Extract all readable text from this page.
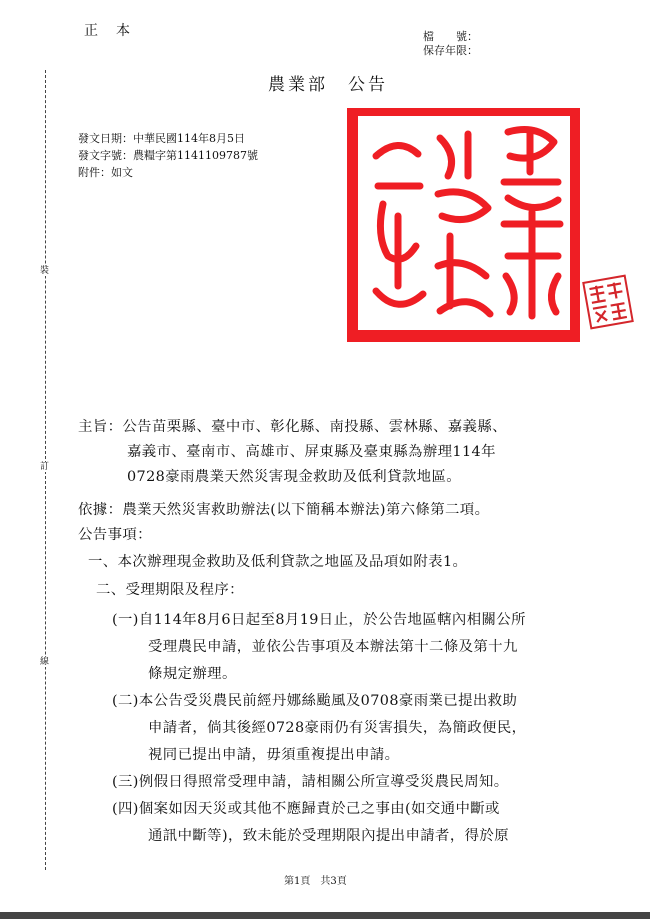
正　本	檔　　號：
保存年限：
裝
訂
線
農業部　公告
發文日期：中華民國114年8月5日
發文字號：農糧字第1141109787號
附件：如文
主旨：公告苗栗縣、臺中市、彰化縣、南投縣、雲林縣、嘉義縣、
嘉義市、臺南市、高雄市、屏東縣及臺東縣為辦理114年
0728豪雨農業天然災害現金救助及低利貸款地區。
依據：農業天然災害救助辦法(以下簡稱本辦法)第六條第二項。
公告事項：
一、本次辦理現金救助及低利貸款之地區及品項如附表1。
二、受理期限及程序：
(一)自114年8月6日起至8月19日止，於公告地區轄內相關公所
受理農民申請，並依公告事項及本辦法第十二條及第十九
條規定辦理。
(二)本公告受災農民前經丹娜絲颱風及0708豪雨業已提出救助
申請者，倘其後經0728豪雨仍有災害損失，為簡政便民，
視同已提出申請，毋須重複提出申請。
(三)例假日得照常受理申請，請相關公所宣導受災農民周知。
(四)個案如因天災或其他不應歸責於己之事由(如交通中斷或
通訊中斷等)，致未能於受理期限內提出申請者，得於原
第1頁　共3頁
